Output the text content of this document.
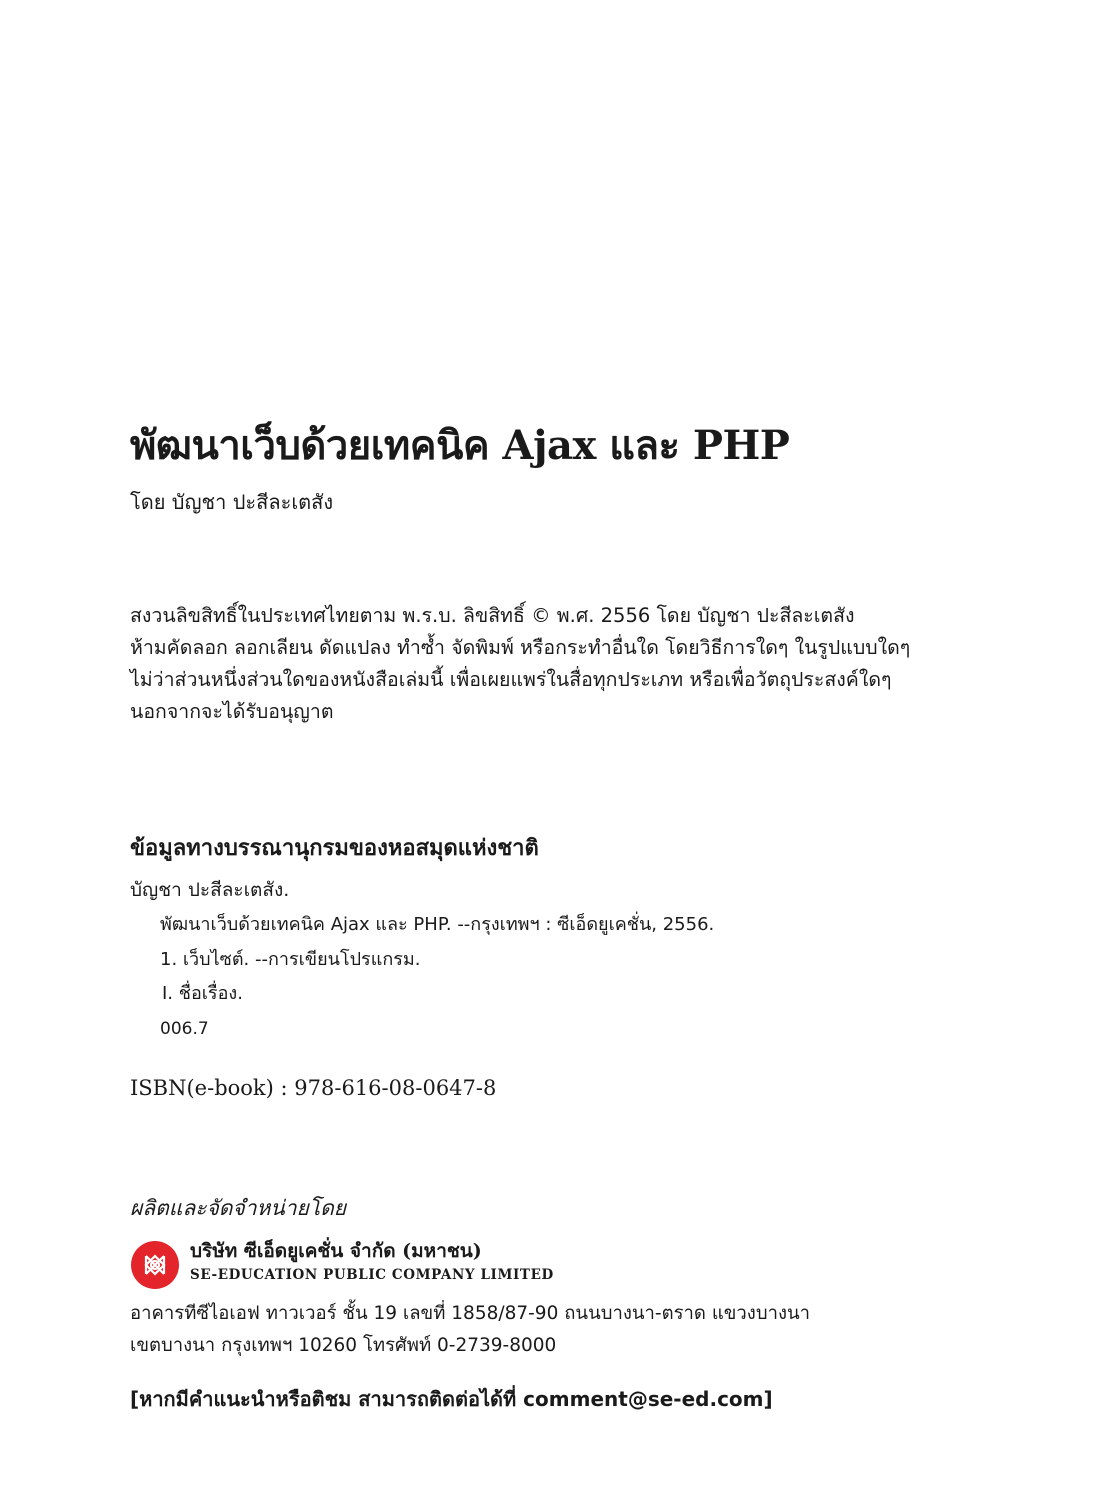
พัฒนาเว็บด้วยเทคนิค Ajax และ PHP
โดย บัญชา ปะสีละเตสัง
สงวนลิขสิทธิ์ในประเทศไทยตาม พ.ร.บ. ลิขสิทธิ์ © พ.ศ. 2556 โดย บัญชา ปะสีละเตสัง
ห้ามคัดลอก ลอกเลียน ดัดแปลง ทำซ้ำ จัดพิมพ์ หรือกระทำอื่นใด โดยวิธีการใดๆ ในรูปแบบใดๆ
ไม่ว่าส่วนหนึ่งส่วนใดของหนังสือเล่มนี้ เพื่อเผยแพร่ในสื่อทุกประเภท หรือเพื่อวัตถุประสงค์ใดๆ
นอกจากจะได้รับอนุญาต
ข้อมูลทางบรรณานุกรมของหอสมุดแห่งชาติ
บัญชา ปะสีละเตสัง.
พัฒนาเว็บด้วยเทคนิค Ajax และ PHP. --กรุงเทพฯ : ซีเอ็ดยูเคชั่น, 2556.
1. เว็บไซต์. --การเขียนโปรแกรม.
I. ชื่อเรื่อง.
006.7
ISBN(e-book) : 978-616-08-0647-8
ผลิตและจัดจำหน่ายโดย
บริษัท ซีเอ็ดยูเคชั่น จำกัด (มหาชน)
SE-EDUCATION PUBLIC COMPANY LIMITED
อาคารทีซีไอเอฟ ทาวเวอร์ ชั้น 19 เลขที่ 1858/87-90 ถนนบางนา-ตราด แขวงบางนา
เขตบางนา กรุงเทพฯ 10260 โทรศัพท์ 0-2739-8000
[หากมีคำแนะนำหรือติชม สามารถติดต่อได้ที่ comment@se-ed.com]
